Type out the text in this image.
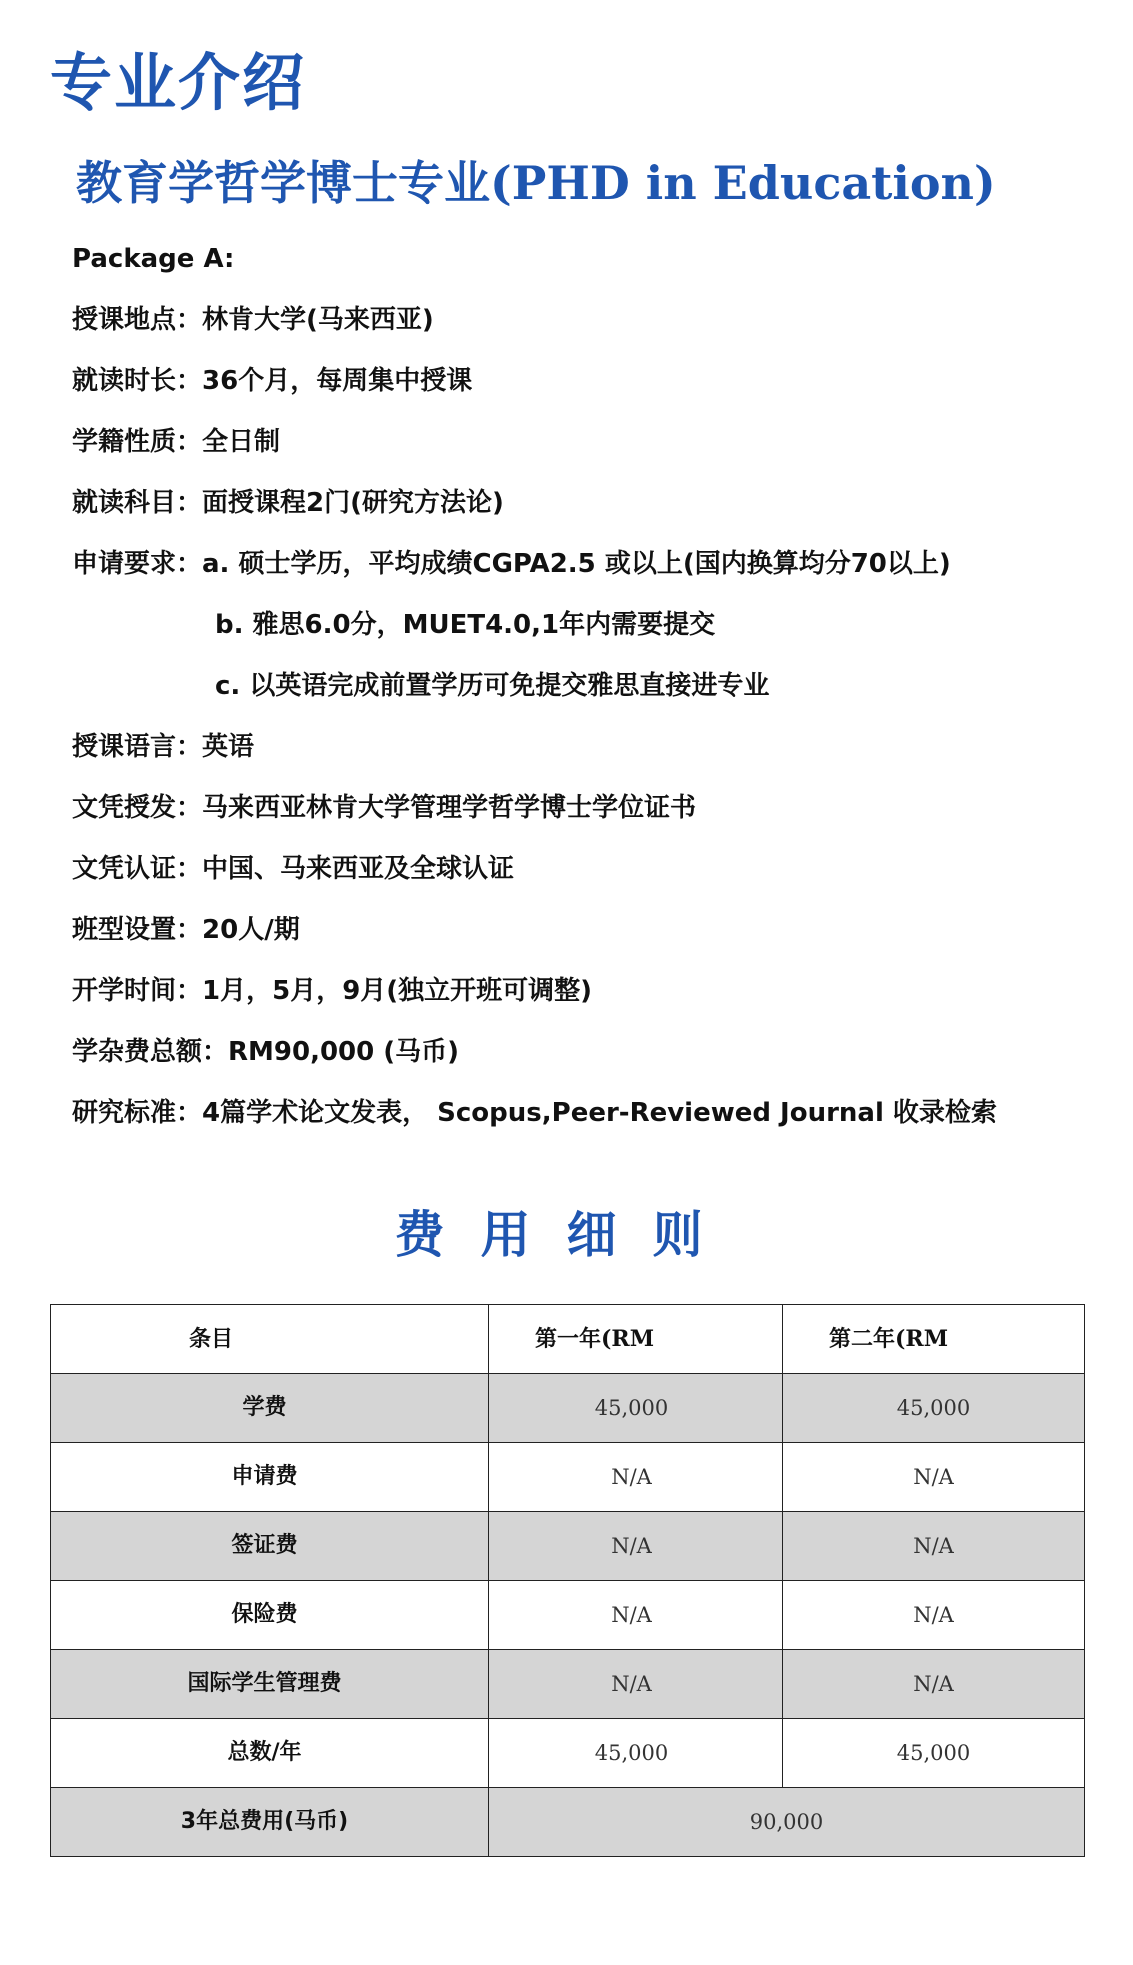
专业介绍
教育学哲学博士专业(PHD in Education)
Package A:
授课地点： 林肯大学(马来西亚)
就读时长： 36个月，每周集中授课
学籍性质： 全日制
就读科目： 面授课程2门(研究方法论)
申请要求： a. 硕士学历，平均成绩CGPA2.5 或以上(国内换算均分70以上)
b. 雅思6.0分，MUET4.0,1年内需要提交
c. 以英语完成前置学历可免提交雅思直接进专业
授课语言： 英语
文凭授发： 马来西亚林肯大学管理学哲学博士学位证书
文凭认证： 中国、马来西亚及全球认证
班型设置： 20人/期
开学时间： 1月，5月，9月(独立开班可调整)
学杂费总额： RM90,000 (马币)
研究标准： 4篇学术论文发表， Scopus,Peer-Reviewed Journal 收录检索
费用细则
条目	第一年(RM	第二年(RM
学费	45,000	45,000
申请费	N/A	N/A
签证费	N/A	N/A
保险费	N/A	N/A
国际学生管理费	N/A	N/A
总数/年	45,000	45,000
3年总费用(马币)	90,000	
